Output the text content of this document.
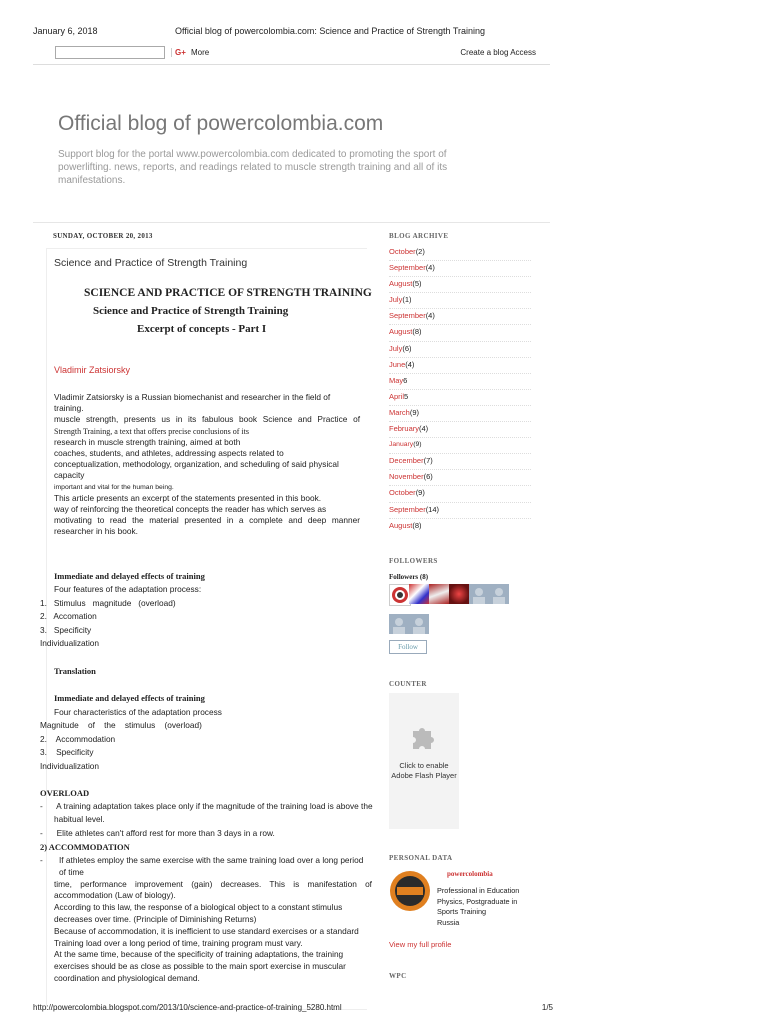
January 6, 2018	Official blog of powercolombia.com: Science and Practice of Strength Training
G+ More	Create a blog Access
Official blog of powercolombia.com

Support blog for the portal www.powercolombia.com dedicated to promoting the sport of powerlifting. news, reports, and readings related to muscle strength training and all of its manifestations.

SUNDAY, OCTOBER 20, 2013
Science and Practice of Strength Training
SCIENCE AND PRACTICE OF STRENGTH TRAINING
Science and Practice of Strength Training
Excerpt of concepts - Part I
Vladimir Zatsiorsky
Vladimir Zatsiorsky is a Russian biomechanist and researcher in the field of training.
muscle strength, presents us in its fabulous book Science and Practice of
Strength Training, a text that offers precise conclusions of its
research in muscle strength training, aimed at both
coaches, students, and athletes, addressing aspects related to
conceptualization, methodology, organization, and scheduling of said physical capacity
important and vital for the human being.
This article presents an excerpt of the statements presented in this book.
way of reinforcing the theoretical concepts the reader has which serves as
motivating to read the material presented in a complete and deep manner
researcher in his book.
Immediate and delayed effects of training
Four features of the adaptation process:
1.   Stimulus   magnitude   (overload)
2.   Accomation
3.   Specificity
Individualization
Translation
Immediate and delayed effects of training
Four characteristics of the adaptation process
Magnitude    of    the    stimulus    (overload)
2.    Accommodation
3.    Specificity
Individualization
OVERLOAD
-      A training adaptation takes place only if the magnitude of the training load is above the
habitual level.
-      Elite athletes can't afford rest for more than 3 days in a row.
2) ACCOMMODATION
-	If athletes employ the same exercise with the same training load over a long period of time
time, performance improvement (gain) decreases. This is manifestation of
accommodation (Law of biology).
According to this law, the response of a biological object to a constant stimulus
decreases over time. (Principle of Diminishing Returns)
Because of accommodation, it is inefficient to use standard exercises or a standard
Training load over a long period of time, training program must vary.
At the same time, because of the specificity of training adaptations, the training
exercises should be as close as possible to the main sport exercise in muscular
coordination and physiological demand.
BLOG ARCHIVE
October(2)
September(4)
August(5)
July(1)
September(4)
August(8)
July(6)
June(4)
May6
April5
March(9)
February(4)
January(9)
December(7)
November(6)
October(9)
September(14)
August(8)
FOLLOWERS
Followers (8)
Follow
COUNTER
Click to enable Adobe Flash Player
PERSONAL DATA
powercolombia
Professional in Education Physics, Postgraduate in Sports Training
Russia
View my full profile
WPC
http://powercolombia.blogspot.com/2013/10/science-and-practice-of-training_5280.html	1/5
